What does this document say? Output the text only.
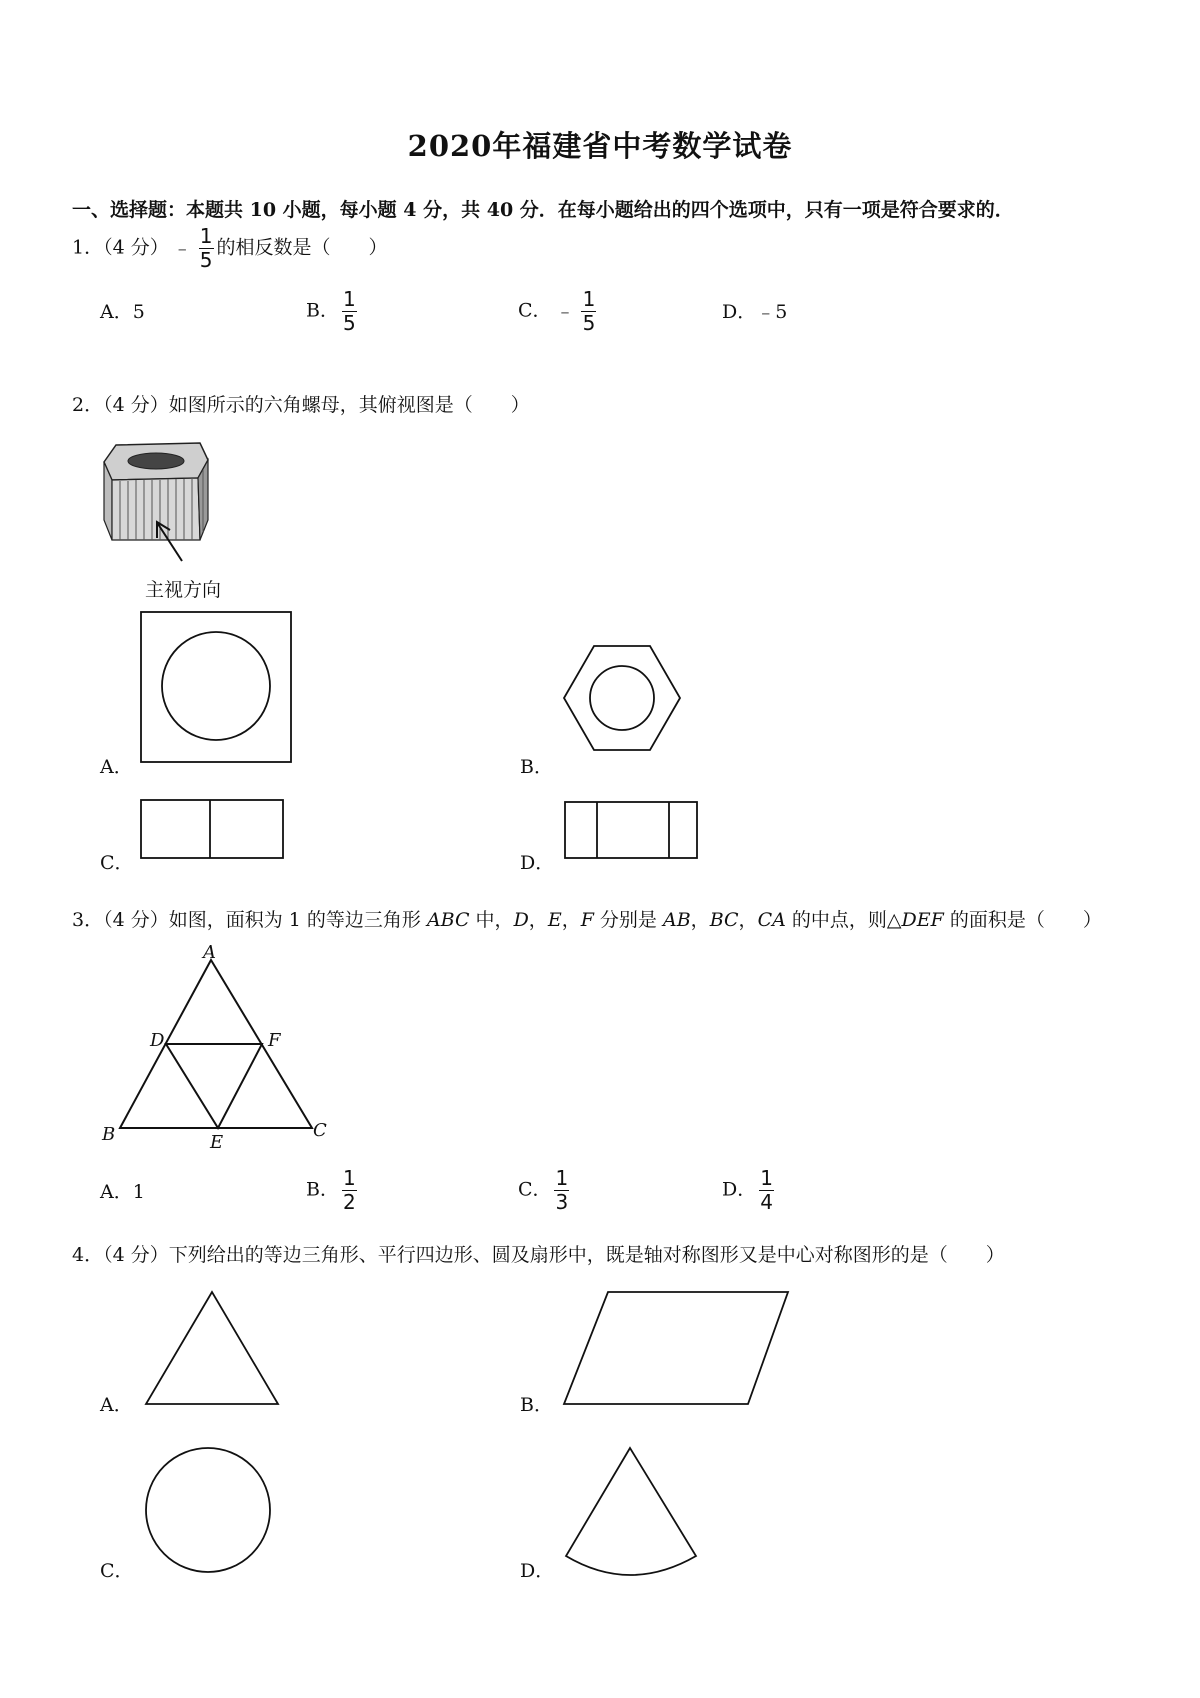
2020年福建省中考数学试卷
一、选择题：本题共 10 小题，每小题 4 分，共 40 分．在每小题给出的四个选项中，只有一项是符合要求的．
1．（4 分） ﹣ $\frac{1}{5}$ 的相反数是（　　）
A．5	B． $\frac{1}{5}$	C． ﹣ $\frac{1}{5}$	D．﹣5
2．（4 分）如图所示的六角螺母，其俯视图是（　　）
主视方向
A
B	C
D
E
F
A．	B．
C．	D．
3．（4 分）如图，面积为 1 的等边三角形 ABC 中，D，E，F 分别是 AB，BC，CA 的中点，则△DEF 的面积是（　　）
A．1	B． $\frac{1}{2}$	C． $\frac{1}{3}$	D． $\frac{1}{4}$
4．（4 分）下列给出的等边三角形、平行四边形、圆及扇形中，既是轴对称图形又是中心对称图形的是（　　）
A．	B．
C．	D．
